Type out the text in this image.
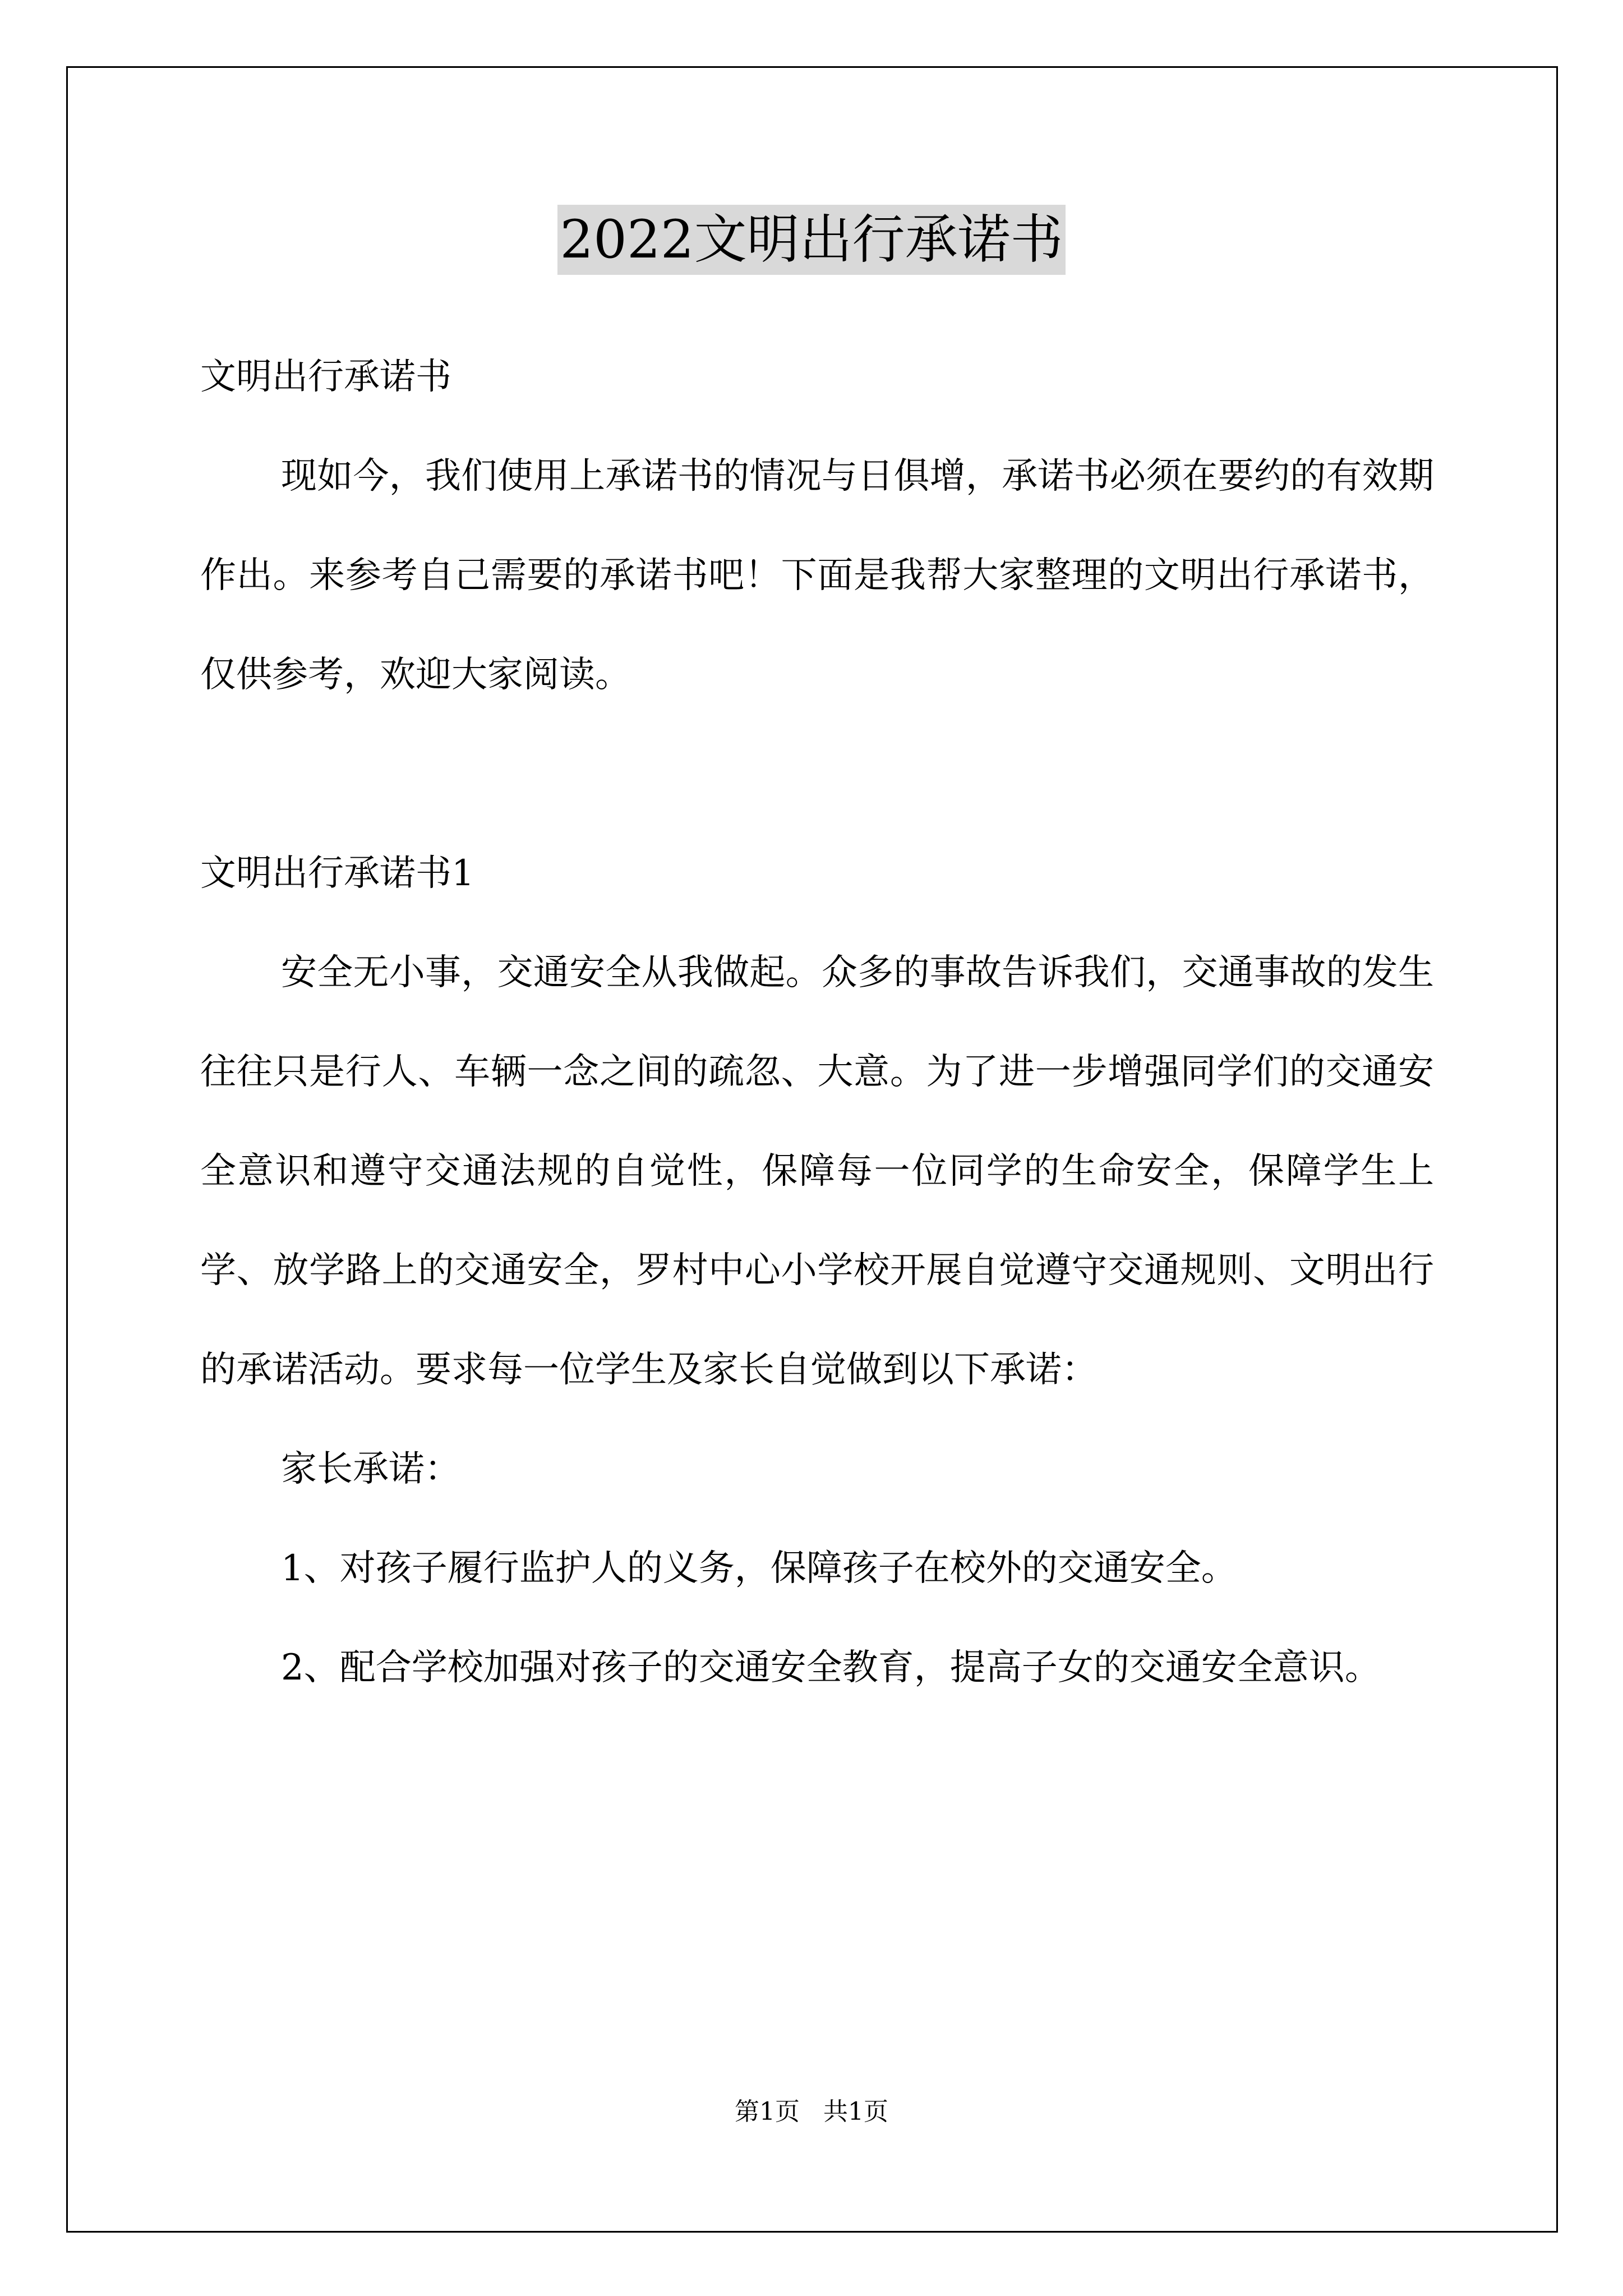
2022文明出行承诺书

文明出行承诺书

现如今，我们使用上承诺书的情况与日俱增，承诺书必须在要约的有效期作出。来参考自己需要的承诺书吧！下面是我帮大家整理的文明出行承诺书，仅供参考，欢迎大家阅读。

文明出行承诺书1

安全无小事，交通安全从我做起。众多的事故告诉我们，交通事故的发生往往只是行人、车辆一念之间的疏忽、大意。为了进一步增强同学们的交通安全意识和遵守交通法规的自觉性，保障每一位同学的生命安全，保障学生上学、放学路上的交通安全，罗村中心小学校开展自觉遵守交通规则、文明出行的承诺活动。要求每一位学生及家长自觉做到以下承诺：

家长承诺：

1、对孩子履行监护人的义务，保障孩子在校外的交通安全。

2、配合学校加强对孩子的交通安全教育，提高子女的交通安全意识。

第1页   共1页
